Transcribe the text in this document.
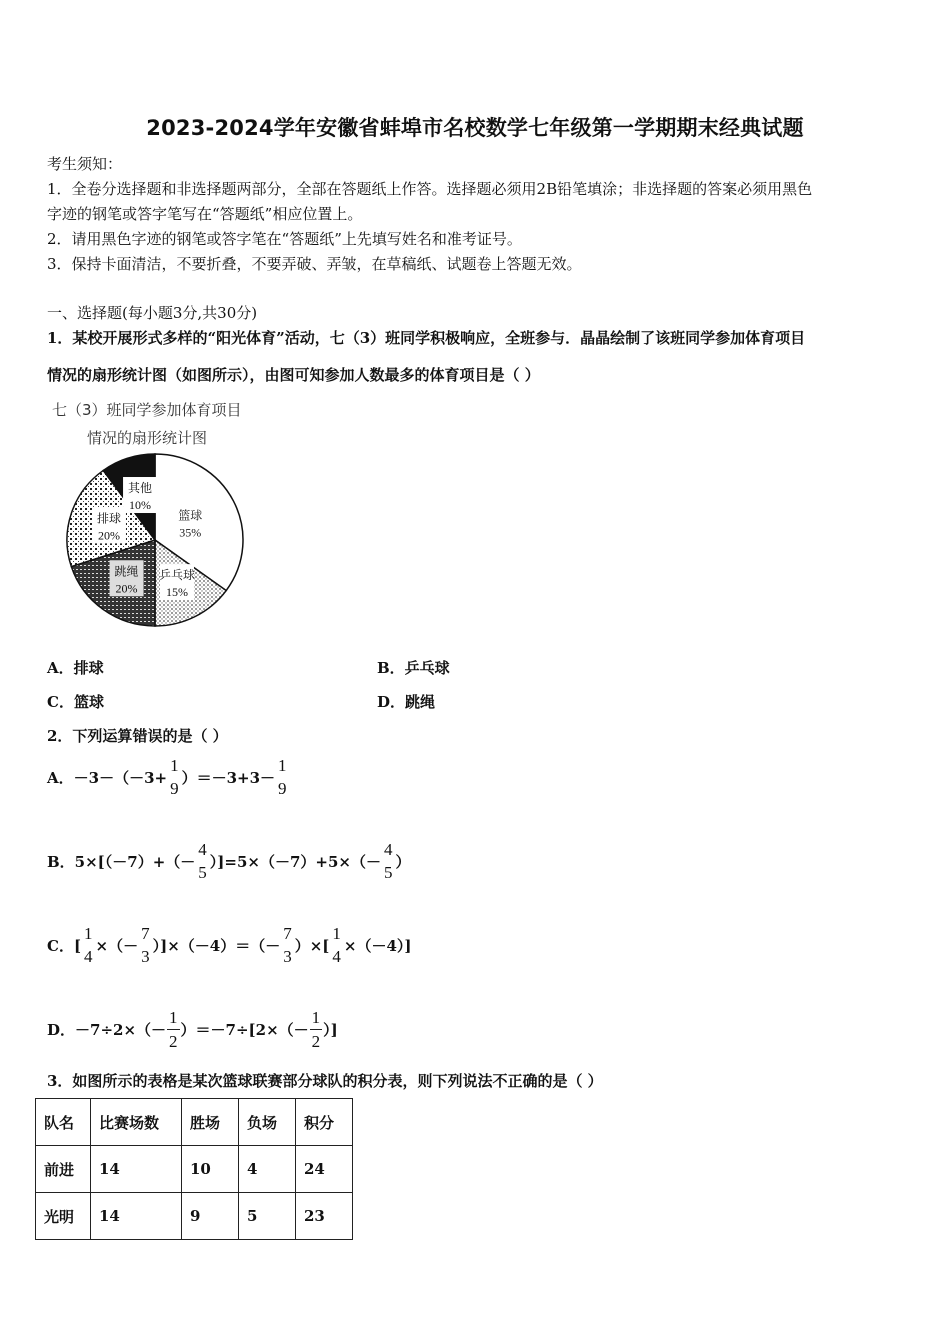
2023-2024学年安徽省蚌埠市名校数学七年级第一学期期末经典试题
考生须知：
1．全卷分选择题和非选择题两部分，全部在答题纸上作答。选择题必须用2B铅笔填涂；非选择题的答案必须用黑色
字迹的钢笔或答字笔写在“答题纸”相应位置上。
2．请用黑色字迹的钢笔或答字笔在“答题纸”上先填写姓名和准考证号。
3．保持卡面清洁，不要折叠，不要弄破、弄皱，在草稿纸、试题卷上答题无效。
一、选择题(每小题3分,共30分)
1．某校开展形式多样的“阳光体育”活动，七（3）班同学积极响应，全班参与．晶晶绘制了该班同学参加体育项目
情况的扇形统计图（如图所示），由图可知参加人数最多的体育项目是（ ）
七（3）班同学参加体育项目
情况的扇形统计图
篮球
35%
乒乓球
15%
跳绳
20%
排球
20%
其他
10%
A．排球	B．乒乓球
C．篮球	D．跳绳
2．下列运算错误的是（ ）
A．－3－（－3+
1
9
）＝－3+3－
1
9
B．5×[（－7）+（－
4
5
）]=5×（－7）+5×（－
4
5
）
C．[
1
4
×（－
7
3
）]×（－4）＝（－
7
3
）×[
1
4
×（－4）]
D．$-7\div 2\times(- \frac{1}{2} )=-7\div[2\times(- \frac{1}{2}$ ）]
3．如图所示的表格是某次篮球联赛部分球队的积分表，则下列说法不正确的是（ ）
队名	比赛场数	胜场	负场	积分
前进	14	10	4	24
光明	14	9	5	23
